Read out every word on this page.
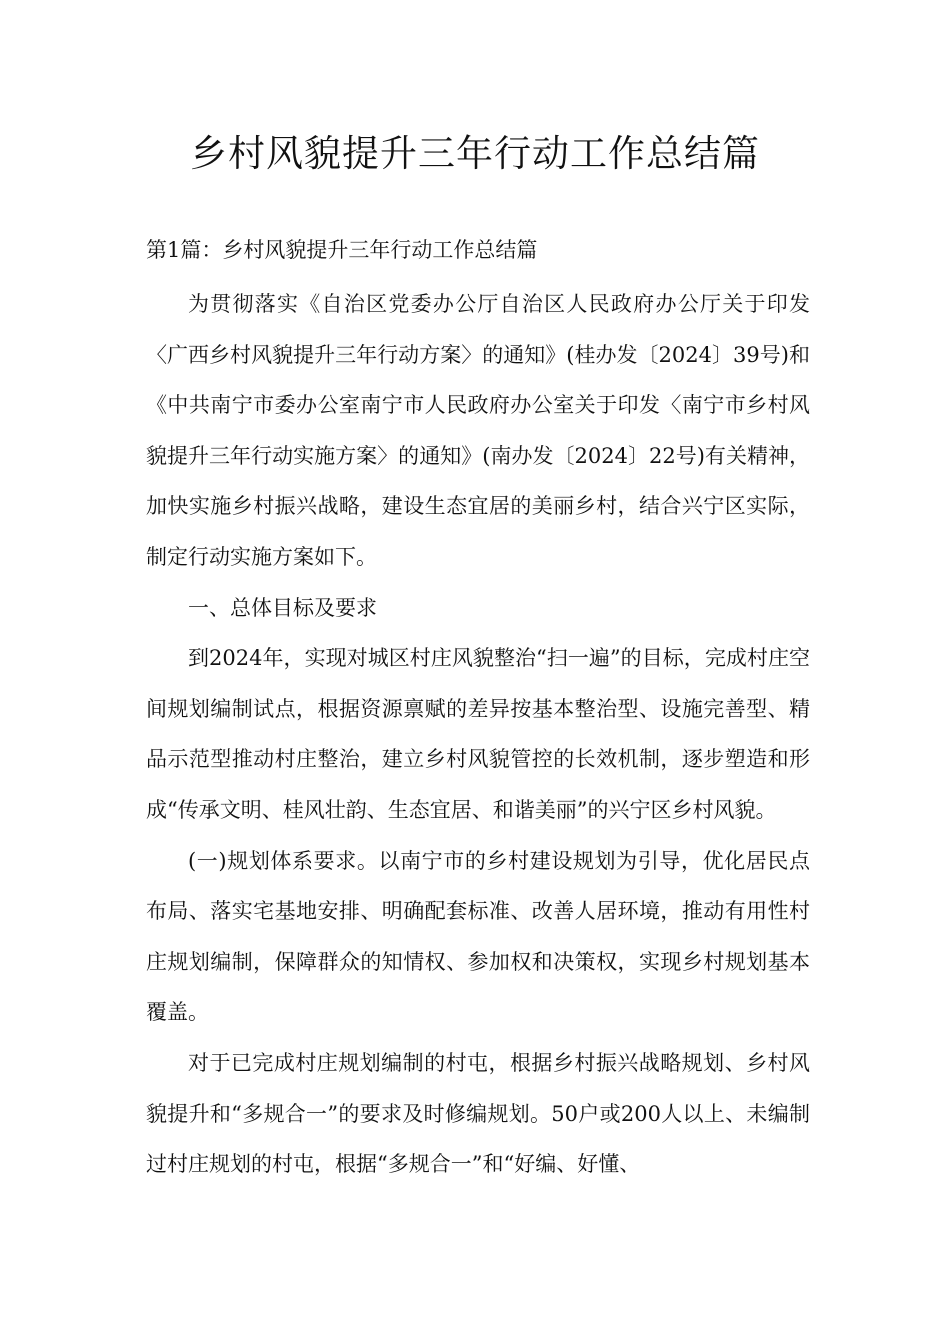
乡村风貌提升三年行动工作总结篇

第1篇：乡村风貌提升三年行动工作总结篇

为贯彻落实《自治区党委办公厅自治区人民政府办公厅关于印发〈广西乡村风貌提升三年行动方案〉的通知》(桂办发〔2024〕39号)和《中共南宁市委办公室南宁市人民政府办公室关于印发〈南宁市乡村风貌提升三年行动实施方案〉的通知》(南办发〔2024〕22号)有关精神，加快实施乡村振兴战略，建设生态宜居的美丽乡村，结合兴宁区实际，制定行动实施方案如下。

一、总体目标及要求

到2024年，实现对城区村庄风貌整治“扫一遍”的目标，完成村庄空间规划编制试点，根据资源禀赋的差异按基本整治型、设施完善型、精品示范型推动村庄整治，建立乡村风貌管控的长效机制，逐步塑造和形成“传承文明、桂风壮韵、生态宜居、和谐美丽”的兴宁区乡村风貌。

(一)规划体系要求。以南宁市的乡村建设规划为引导，优化居民点布局、落实宅基地安排、明确配套标准、改善人居环境，推动有用性村庄规划编制，保障群众的知情权、参加权和决策权，实现乡村规划基本覆盖。

对于已完成村庄规划编制的村屯，根据乡村振兴战略规划、乡村风貌提升和“多规合一”的要求及时修编规划。50户或200人以上、未编制过村庄规划的村屯，根据“多规合一”和“好编、好懂、
